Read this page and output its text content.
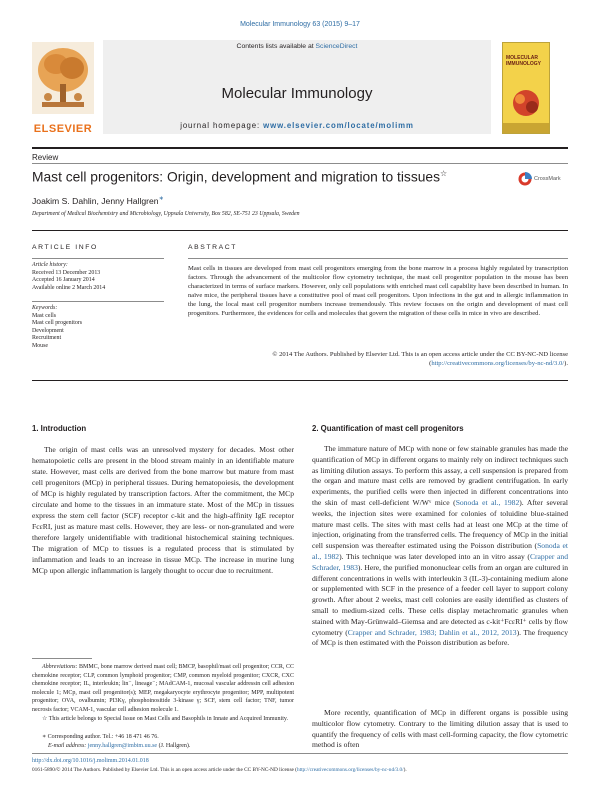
Molecular Immunology 63 (2015) 9–17
ELSEVIER
Contents lists available at ScienceDirect
Molecular Immunology
journal homepage: www.elsevier.com/locate/molimm
MOLECULAR IMMUNOLOGY
Review
Mast cell progenitors: Origin, development and migration to tissues☆
CrossMark
Joakim S. Dahlin, Jenny Hallgren∗
Department of Medical Biochemistry and Microbiology, Uppsala University, Box 582, SE-751 23 Uppsala, Sweden
ARTICLE INFO
Article history:
Received 13 December 2013
Accepted 16 January 2014
Available online 2 March 2014
Keywords:
Mast cells
Mast cell progenitors
Development
Recruitment
Mouse
ABSTRACT
Mast cells in tissues are developed from mast cell progenitors emerging from the bone marrow in a process highly regulated by transcription factors. Through the advancement of the multicolor flow cytometry technique, the mast cell progenitor population in the mouse has been characterized in terms of surface markers. However, only cell populations with enriched mast cell capability have been described in human. In naïve mice, the peripheral tissues have a constitutive pool of mast cell progenitors. Upon infections in the gut and in allergic inflammation in the lung, the local mast cell progenitor numbers increase tremendously. This review focuses on the origin and development of mast cell progenitors. Furthermore, the evidences for cells and molecules that govern the migration of these cells in mice in vivo are described.
© 2014 The Authors. Published by Elsevier Ltd. This is an open access article under the CC BY-NC-ND license (http://creativecommons.org/licenses/by-nc-nd/3.0/).
1. Introduction
The origin of mast cells was an unresolved mystery for decades. Most other hematopoietic cells are present in the blood stream mainly in an identifiable mature state. However, mast cells are derived from the bone marrow but mature from mast cell progenitors (MCp) in peripheral tissues. During hematopoiesis, the development of MCp is highly regulated by transcription factors. After the commitment, the MCp circulate and home to the tissues in an immature state. Most of the MCp in tissues express the stem cell factor (SCF) receptor c-kit and the high-affinity IgE receptor FcεRI, just as mature mast cells. However, they are less- or non-granulated and were therefore largely unidentifiable with traditional histochemical staining techniques. The migration of MCp to tissues is a regulated process that is stimulated by inflammation and leads to an increase in tissue MCp. The increase in murine lung MCp upon allergic inflammation is largely thought to occur due to recruitment.
Abbreviations: BMMC, bone marrow derived mast cell; BMCP, basophil/mast cell progenitor; CCR, CC chemokine receptor; CLP, common lymphoid progenitor; CMP, common myeloid progenitor; CXCR, CXC chemokine receptor; IL, interleukin; lin⁻, lineage⁻; MAdCAM-1, mucosal vascular addressin cell adhesion molecule 1; MCp, mast cell progenitor(s); MEP, megakaryocyte erythrocyte progenitor; MPP, multipotent progenitor; OVA, ovalbumin; PI3Kγ, phosphoinositide 3-kinase γ; SCF, stem cell factor; TNF, tumor necrosis factor; VCAM-1, vascular cell adhesion molecule 1.
☆ This article belongs to Special Issue on Mast Cells and Basophils in Innate and Acquired Immunity.
∗ Corresponding author. Tel.: +46 18 471 46 76.
E-mail address: jenny.hallgren@imbim.uu.se (J. Hallgren).
http://dx.doi.org/10.1016/j.molimm.2014.01.018
0161-5890/© 2014 The Authors. Published by Elsevier Ltd. This is an open access article under the CC BY-NC-ND license (http://creativecommons.org/licenses/by-nc-nd/3.0/).
2. Quantification of mast cell progenitors
The immature nature of MCp with none or few stainable granules has made the quantification of MCp in different organs to mainly rely on indirect techniques such as limiting dilution assays. To perform this assay, a cell suspension is prepared from the organ and mature mast cells are removed by gradient centrifugation. In early experiments, the purified cells were then injected in different concentrations into the skin of mast cell-deficient W/Wᵛ mice (Sonoda et al., 1982). After several weeks, the injection sites were examined for colonies of toluidine blue-stained mature mast cells. The sites with mast cells had at least one MCp at the time of injection, originating from the transferred cells. The frequency of MCp in the initial cell suspension was thereafter estimated using the Poisson distribution (Sonoda et al., 1982). This technique was later developed into an in vitro assay (Crapper and Schrader, 1983). Here, the purified mononuclear cells from an organ are cultured in different concentrations in wells with interleukin 3 (IL-3)-containing medium alone or supplemented with SCF in the presence of a feeder cell layer to support colony growth. After about 2 weeks, mast cell colonies are easily identified as clusters of small to medium-sized cells. These cells display metachromatic granules when stained with May-Grünwald–Giemsa and are detected as c-kit⁺FcεRI⁺ cells by flow cytometry (Crapper and Schrader, 1983; Dahlin et al., 2012, 2013). The frequency of MCp is then estimated with the Poisson distribution as before.
More recently, quantification of MCp in different organs is possible using multicolor flow cytometry. Contrary to the limiting dilution assay that is used to quantify the frequency of cells with mast cell-forming capacity, the flow cytometric method is often
